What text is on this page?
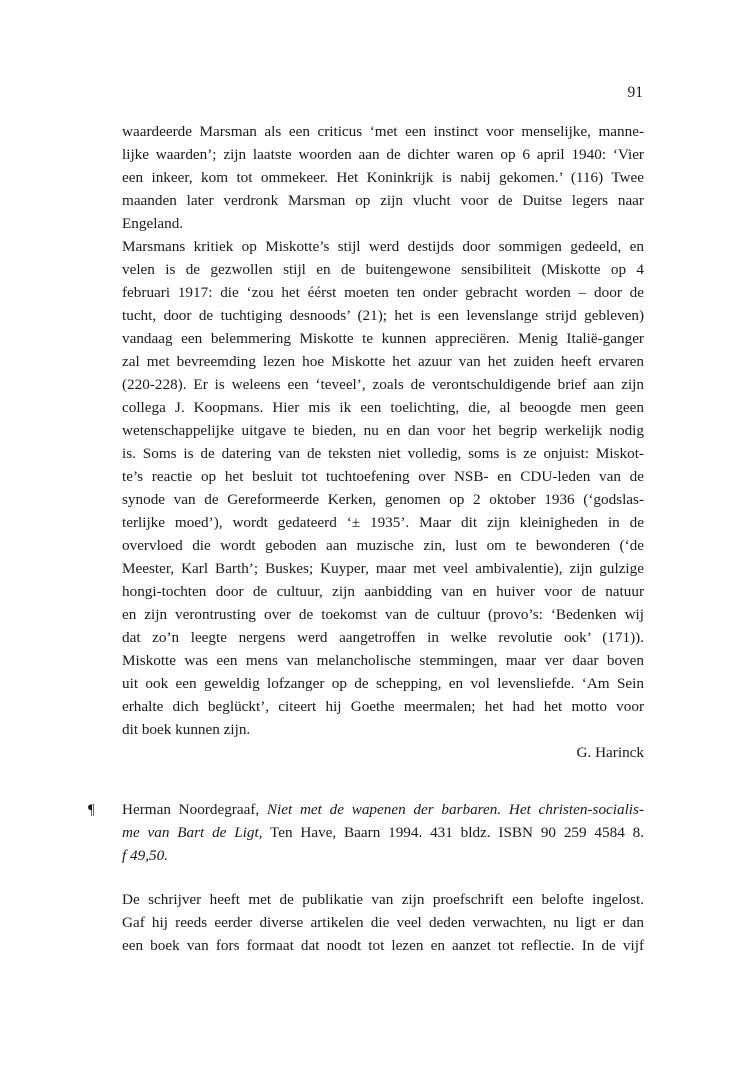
91
waardeerde Marsman als een criticus ‘met een instinct voor menselijke, manne-
lijke waarden’; zijn laatste woorden aan de dichter waren op 6 april 1940: ‘Vier
een inkeer, kom tot ommekeer. Het Koninkrijk is nabij gekomen.’ (116) Twee
maanden later verdronk Marsman op zijn vlucht voor de Duitse legers naar
Engeland.
Marsmans kritiek op Miskotte’s stijl werd destijds door sommigen gedeeld, en
velen is de gezwollen stijl en de buitengewone sensibiliteit (Miskotte op 4
februari 1917: die ‘zou het éérst moeten ten onder gebracht worden – door de
tucht, door de tuchtiging desnoods’ (21); het is een levenslange strijd gebleven)
vandaag een belemmering Miskotte te kunnen appreciëren. Menig Italië-ganger
zal met bevreemding lezen hoe Miskotte het azuur van het zuiden heeft ervaren
(220-228). Er is weleens een ‘teveel’, zoals de verontschuldigende brief aan zijn
collega J. Koopmans. Hier mis ik een toelichting, die, al beoogde men geen
wetenschappelijke uitgave te bieden, nu en dan voor het begrip werkelijk nodig
is. Soms is de datering van de teksten niet volledig, soms is ze onjuist: Miskot-
te’s reactie op het besluit tot tuchtoefening over NSB- en CDU-leden van de
synode van de Gereformeerde Kerken, genomen op 2 oktober 1936 (‘godslas-
terlijke moed’), wordt gedateerd ‘± 1935’. Maar dit zijn kleinigheden in de
overvloed die wordt geboden aan muzische zin, lust om te bewonderen (‘de
Meester, Karl Barth’; Buskes; Kuyper, maar met veel ambivalentie), zijn gulzige
hongi-tochten door de cultuur, zijn aanbidding van en huiver voor de natuur
en zijn verontrusting over de toekomst van de cultuur (provo’s: ‘Bedenken wij
dat zo’n leegte nergens werd aangetroffen in welke revolutie ook’ (171)).
Miskotte was een mens van melancholische stemmingen, maar ver daar boven
uit ook een geweldig lofzanger op de schepping, en vol levensliefde. ‘Am Sein
erhalte dich beglückt’, citeert hij Goethe meermalen; het had het motto voor
dit boek kunnen zijn.
G. Harinck
¶ Herman Noordegraaf, Niet met de wapenen der barbaren. Het christen-socialis-
me van Bart de Ligt, Ten Have, Baarn 1994. 431 bldz. ISBN 90 259 4584 8.
f 49,50.
De schrijver heeft met de publikatie van zijn proefschrift een belofte ingelost.
Gaf hij reeds eerder diverse artikelen die veel deden verwachten, nu ligt er dan
een boek van fors formaat dat noodt tot lezen en aanzet tot reflectie. In de vijf
